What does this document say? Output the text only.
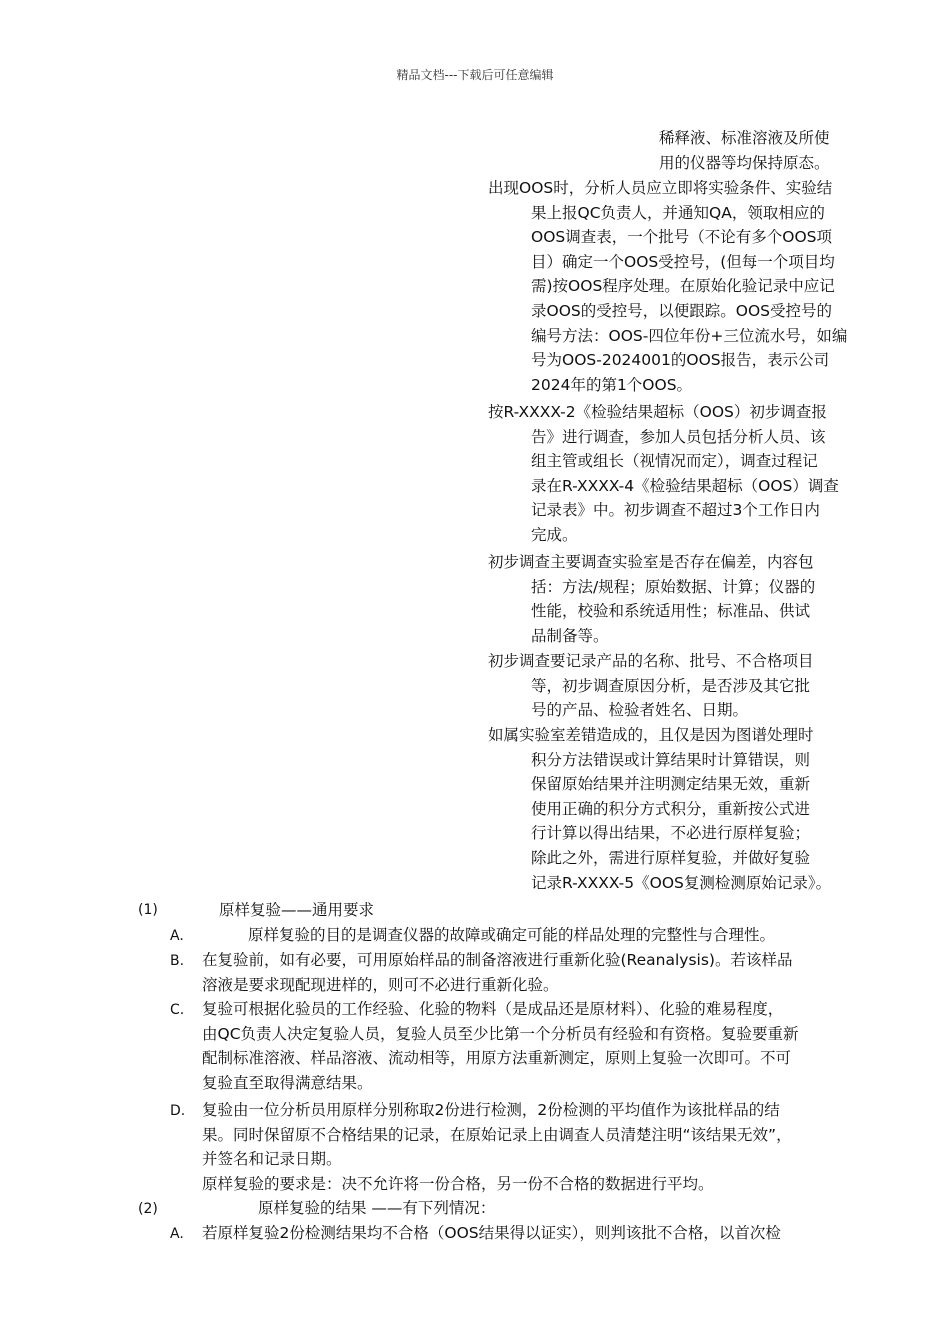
精品文档---下载后可任意编辑
稀释液、标准溶液及所使
用的仪器等均保持原态。
出现OOS时，分析人员应立即将实验条件、实验结
果上报QC负责人，并通知QA，领取相应的
OOS调查表，一个批号（不论有多个OOS项
目）确定一个OOS受控号，(但每一个项目均
需)按OOS程序处理。在原始化验记录中应记
录OOS的受控号，以便跟踪。OOS受控号的
编号方法：OOS-四位年份+三位流水号，如编
号为OOS-2024001的OOS报告，表示公司
2024年的第1个OOS。
按R-XXXX-2《检验结果超标（OOS）初步调查报
告》进行调查，参加人员包括分析人员、该
组主管或组长（视情况而定），调查过程记
录在R-XXXX-4《检验结果超标（OOS）调查
记录表》中。初步调查不超过3个工作日内
完成。
初步调查主要调查实验室是否存在偏差，内容包
括：方法/规程；原始数据、计算；仪器的
性能，校验和系统适用性；标准品、供试
品制备等。
初步调查要记录产品的名称、批号、不合格项目
等，初步调查原因分析，是否涉及其它批
号的产品、检验者姓名、日期。
如属实验室差错造成的，且仅是因为图谱处理时
积分方法错误或计算结果时计算错误，则
保留原始结果并注明测定结果无效，重新
使用正确的积分方式积分，重新按公式进
行计算以得出结果，不必进行原样复验；
除此之外，需进行原样复验，并做好复验
记录R-XXXX-5《OOS复测检测原始记录》。
(1)	原样复验——通用要求
A.	原样复验的目的是调查仪器的故障或确定可能的样品处理的完整性与合理性。
B. 在复验前，如有必要，可用原始样品的制备溶液进行重新化验(Reanalysis)。若该样品
溶液是要求现配现进样的，则可不必进行重新化验。
C. 复验可根据化验员的工作经验、化验的物料（是成品还是原材料）、化验的难易程度，
由QC负责人决定复验人员，复验人员至少比第一个分析员有经验和有资格。复验要重新
配制标准溶液、样品溶液、流动相等，用原方法重新测定，原则上复验一次即可。不可
复验直至取得满意结果。
D. 复验由一位分析员用原样分别称取2份进行检测，2份检测的平均值作为该批样品的结
果。同时保留原不合格结果的记录，在原始记录上由调查人员清楚注明“该结果无效”，
并签名和记录日期。
原样复验的要求是：决不允许将一份合格，另一份不合格的数据进行平均。
(2)	原样复验的结果 ——有下列情况：
A. 若原样复验2份检测结果均不合格（OOS结果得以证实），则判该批不合格，以首次检
